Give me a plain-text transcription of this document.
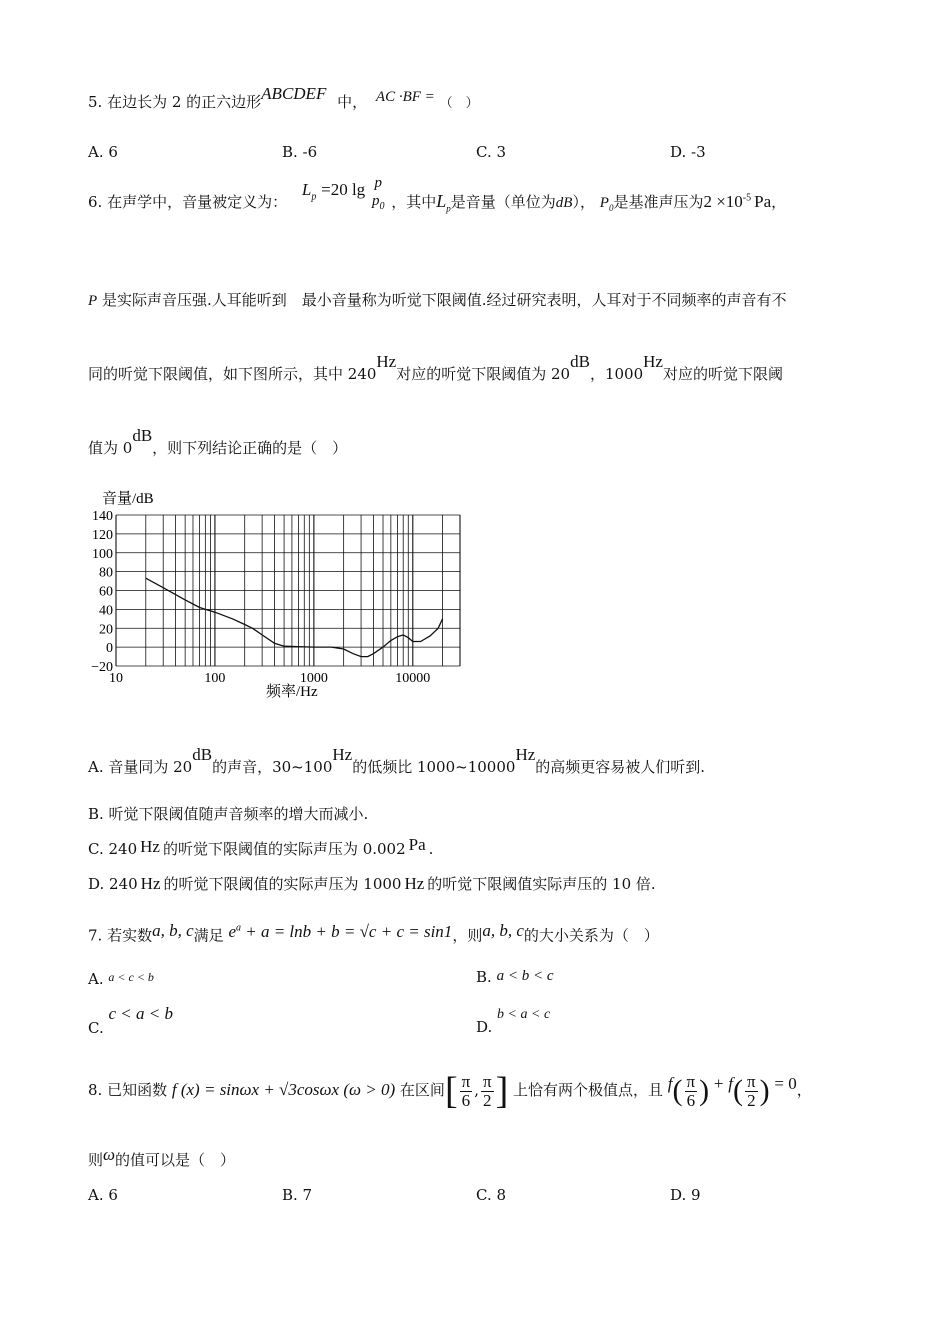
5. 在边长为 2 的正六边形ABCDEF 中， AC ·BF = （　）
A. 6	B. -6	C. 3	D. -3
6. 在声学中，音量被定义为： $L_p =20$ lg p
$p_0$ ，其中$L_p$是音量（单位为dB）， $P_0$是基准声压为$2 \times 10^{-5}$ Pa，
P 是实际声音压强.人耳能听到　最小音量称为听觉下限阈值.经过研究表明，人耳对于不同频率的声音有不
同的听觉下限阈值，如下图所示，其中 240Hz对应的听觉下限阈值为 20dB，1000Hz对应的听觉下限阈
值为 0dB，则下列结论正确的是（　）
音量/dB
−20
0
20
40
60
80
100
120
140
10	100	1000	10000
频率/Hz
A. 音量同为 20dB的声音，30~100Hz的低频比 1000~10000Hz的高频更容易被人们听到.
B. 听觉下限阈值随声音频率的增大而减小.
C. 240 Hz 的听觉下限阈值的实际声压为 0.002 Pa .
D. 240 Hz 的听觉下限阈值的实际声压为 1000 Hz 的听觉下限阈值实际声压的 10 倍.
7. 若实数a, b, c满足 $e^a + a = \ln b + b = √c + c = \sin 1$，则a, b, c的大小关系为（　）
A. $^{a < c < b}$	B. a < b < c
C. c < a < b
D. b < a < c
8. 已知函数 f (x) = sinωx + √3cosωx (ω > 0) 在区间[ $\frac{\pi}{6}$ , $\frac{\pi}{2}$ ] 上恰有两个极值点，且 $f( \frac{\pi}{6}$ ) + $f( \frac{\pi}{2}$ ) = 0，
则ω的值可以是（　）
A. 6	B. 7	C. 8	D. 9
